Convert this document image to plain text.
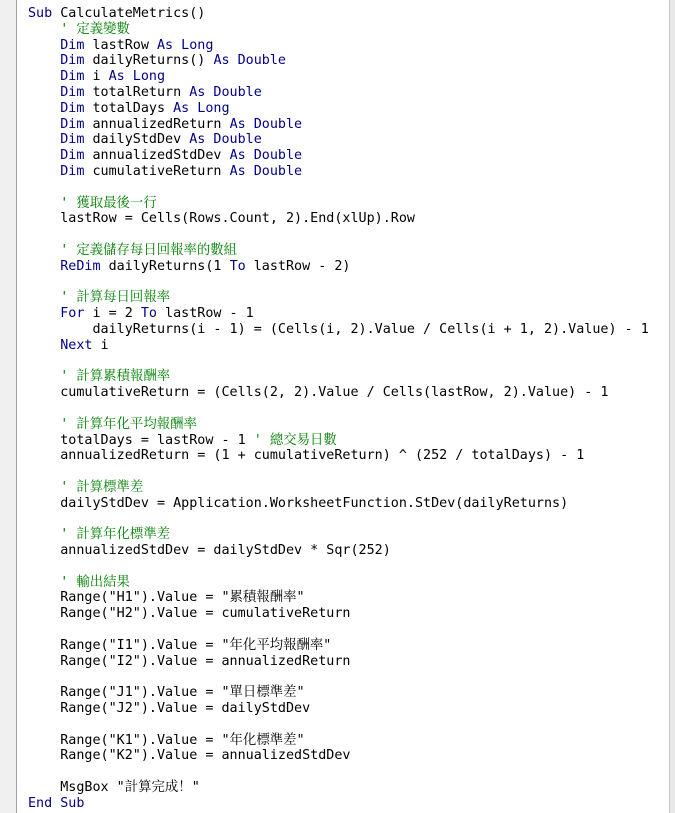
Sub CalculateMetrics()
' 定義變數
Dim lastRow As Long
Dim dailyReturns() As Double
Dim i As Long
Dim totalReturn As Double
Dim totalDays As Long
Dim annualizedReturn As Double
Dim dailyStdDev As Double
Dim annualizedStdDev As Double
Dim cumulativeReturn As Double
' 獲取最後一行
lastRow = Cells(Rows.Count, 2).End(xlUp).Row
' 定義儲存每日回報率的數組
ReDim dailyReturns(1 To lastRow - 2)
' 計算每日回報率
For i = 2 To lastRow - 1
dailyReturns(i - 1) = (Cells(i, 2).Value / Cells(i + 1, 2).Value) - 1
Next i
' 計算累積報酬率
cumulativeReturn = (Cells(2, 2).Value / Cells(lastRow, 2).Value) - 1
' 計算年化平均報酬率
totalDays = lastRow - 1 ' 總交易日數
annualizedReturn = (1 + cumulativeReturn) ^ (252 / totalDays) - 1
' 計算標準差
dailyStdDev = Application.WorksheetFunction.StDev(dailyReturns)
' 計算年化標準差
annualizedStdDev = dailyStdDev * Sqr(252)
' 輸出結果
Range("H1").Value = "累積報酬率"
Range("H2").Value = cumulativeReturn
Range("I1").Value = "年化平均報酬率"
Range("I2").Value = annualizedReturn
Range("J1").Value = "單日標準差"
Range("J2").Value = dailyStdDev
Range("K1").Value = "年化標準差"
Range("K2").Value = annualizedStdDev
MsgBox "計算完成！"
End Sub
